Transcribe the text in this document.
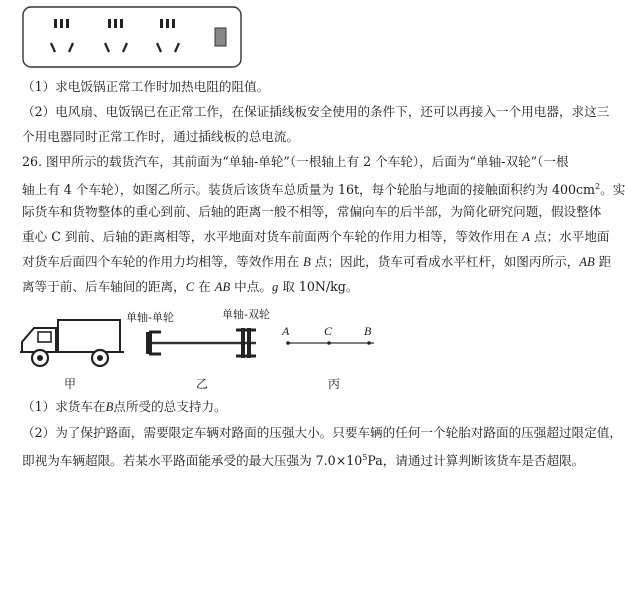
（1）求电饭锅正常工作时加热电阻的阻值。
（2）电风扇、电饭锅已在正常工作，在保证插线板安全使用的条件下，还可以再接入一个用电器，求这三
个用电器同时正常工作时，通过插线板的总电流。
26. 图甲所示的载货汽车，其前面为“单轴-单轮”（一根轴上有 2 个车轮），后面为“单轴-双轮”（一根
轴上有 4 个车轮），如图乙所示。装货后该货车总质量为 16t，每个轮胎与地面的接触面积约为 $400cm^2$。实
际货车和货物整体的重心到前、后轴的距离一般不相等，常偏向车的后半部，为简化研究问题，假设整体
重心 C 到前、后轴的距离相等，水平地面对货车前面两个车轮的作用力相等，等效作用在 A 点；水平地面
对货车后面四个车轮的作用力均相等，等效作用在 B 点；因此，货车可看成水平杠杆，如图丙所示，AB 距
离等于前、后车轴间的距离，C 在 AB 中点。g 取 10N/kg。
单轴-单轮	单轴-双轮
A	C	B
甲	乙	丙
（1）求货车在B点所受的总支持力。
（2）为了保护路面，需要限定车辆对路面的压强大小。只要车辆的任何一个轮胎对路面的压强超过限定值，
即视为车辆超限。若某水平路面能承受的最大压强为 $7.0\times 10^5Pa$，请通过计算判断该货车是否超限。
